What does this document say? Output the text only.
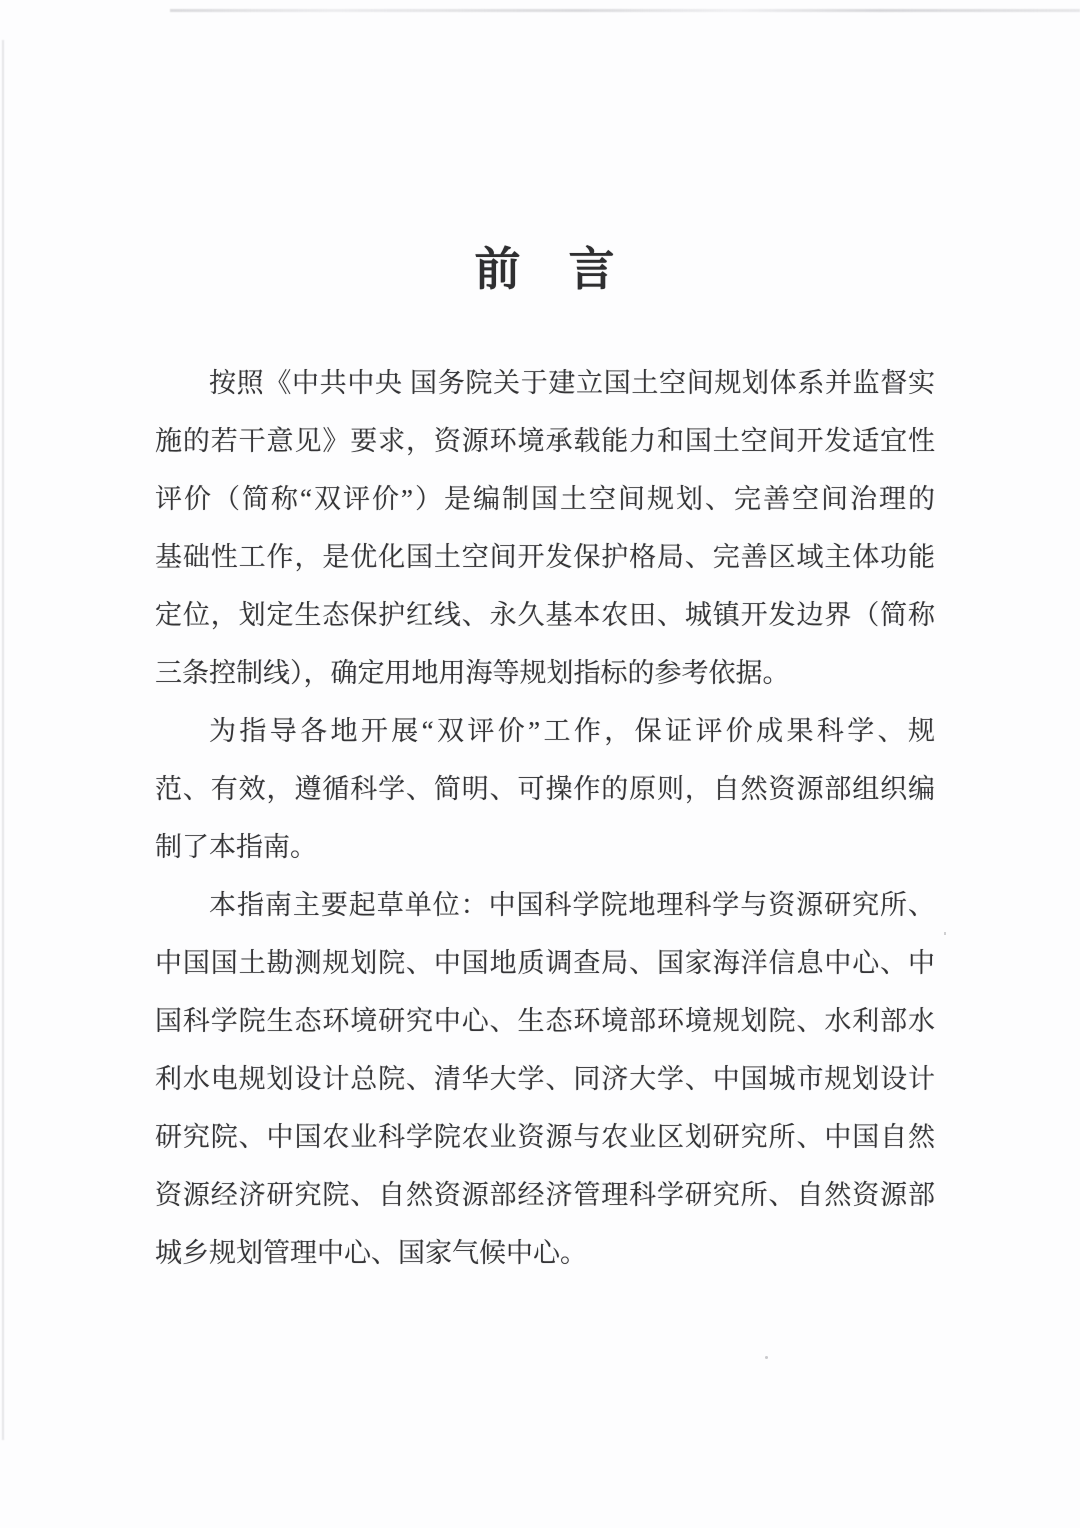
前　言
按照《中共中央 国务院关于建立国土空间规划体系并监督实
施的若干意见》要求，资源环境承载能力和国土空间开发适宜性
评价（简称“双评价”）是编制国土空间规划、完善空间治理的
基础性工作，是优化国土空间开发保护格局、完善区域主体功能
定位，划定生态保护红线、永久基本农田、城镇开发边界（简称
三条控制线），确定用地用海等规划指标的参考依据。
为指导各地开展“双评价”工作，保证评价成果科学、规
范、有效，遵循科学、简明、可操作的原则，自然资源部组织编
制了本指南。
本指南主要起草单位：中国科学院地理科学与资源研究所、
中国国土勘测规划院、中国地质调查局、国家海洋信息中心、中
国科学院生态环境研究中心、生态环境部环境规划院、水利部水
利水电规划设计总院、清华大学、同济大学、中国城市规划设计
研究院、中国农业科学院农业资源与农业区划研究所、中国自然
资源经济研究院、自然资源部经济管理科学研究所、自然资源部
城乡规划管理中心、国家气候中心。
